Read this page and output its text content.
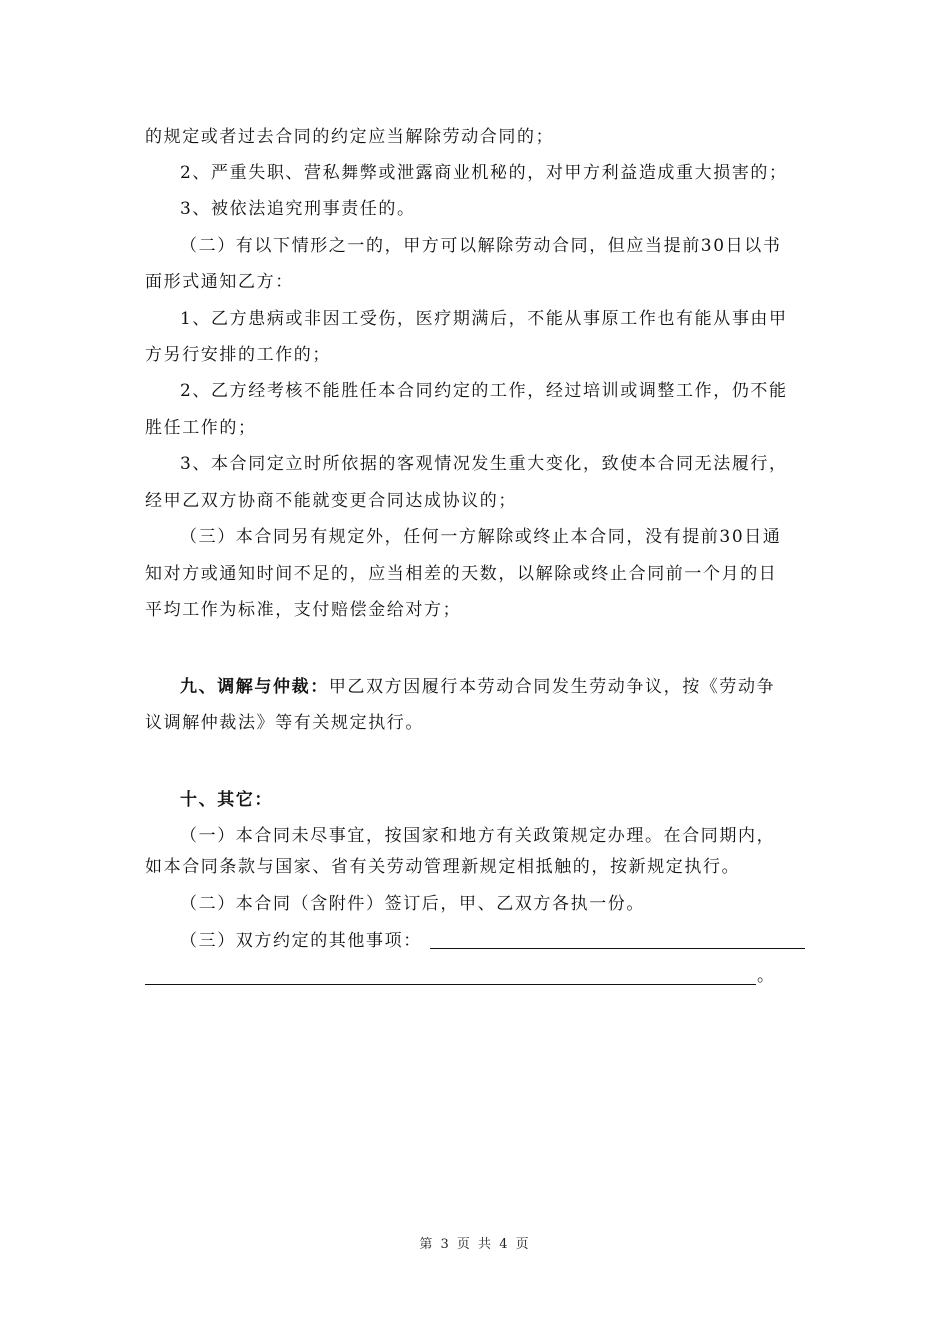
的规定或者过去合同的约定应当解除劳动合同的；
2、严重失职、营私舞弊或泄露商业机秘的，对甲方利益造成重大损害的；
3、被依法追究刑事责任的。
（二）有以下情形之一的，甲方可以解除劳动合同，但应当提前30日以书
面形式通知乙方：
1、乙方患病或非因工受伤，医疗期满后，不能从事原工作也有能从事由甲
方另行安排的工作的；
2、乙方经考核不能胜任本合同约定的工作，经过培训或调整工作，仍不能
胜任工作的；
3、本合同定立时所依据的客观情况发生重大变化，致使本合同无法履行，
经甲乙双方协商不能就变更合同达成协议的；
（三）本合同另有规定外，任何一方解除或终止本合同，没有提前30日通
知对方或通知时间不足的，应当相差的天数，以解除或终止合同前一个月的日
平均工作为标准，支付赔偿金给对方；
九、调解与仲裁：甲乙双方因履行本劳动合同发生劳动争议，按《劳动争
议调解仲裁法》等有关规定执行。
十、其它：
（一）本合同未尽事宜，按国家和地方有关政策规定办理。在合同期内，
如本合同条款与国家、省有关劳动管理新规定相抵触的，按新规定执行。
（二）本合同（含附件）签订后，甲、乙双方各执一份。
（三）双方约定的其他事项：
。
第 3 页 共 4 页
